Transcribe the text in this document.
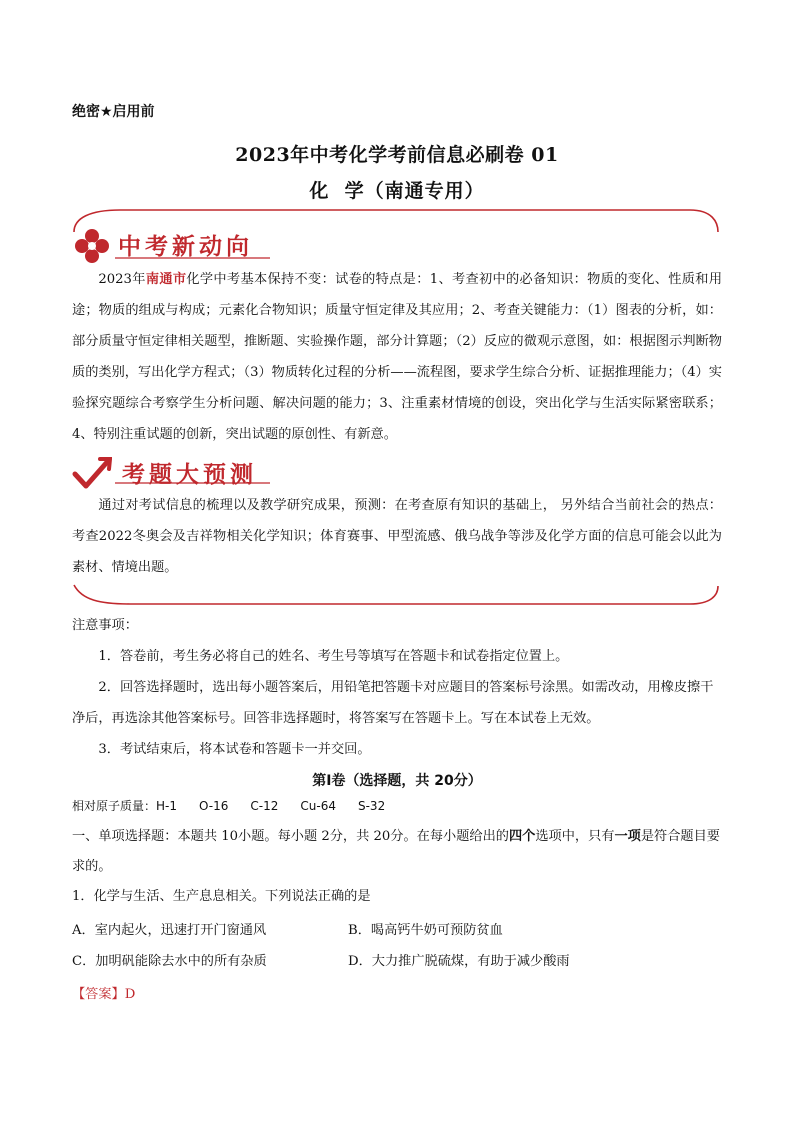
绝密★启用前
2023年中考化学考前信息必刷卷 01
化  学（南通专用）
中考新动向

2023年南通市化学中考基本保持不变：试卷的特点是：1、考查初中的必备知识：物质的变化、性质和用途；物质的组成与构成；元素化合物知识；质量守恒定律及其应用；2、考查关键能力：（1）图表的分析，如：部分质量守恒定律相关题型，推断题、实验操作题，部分计算题；（2）反应的微观示意图，如：根据图示判断物质的类别，写出化学方程式；（3）物质转化过程的分析——流程图，要求学生综合分析、证据推理能力；（4）实验探究题综合考察学生分析问题、解决问题的能力；3、注重素材情境的创设，突出化学与生活实际紧密联系；4、特别注重试题的创新，突出试题的原创性、有新意。

考题大预测

通过对考试信息的梳理以及教学研究成果，预测：在考查原有知识的基础上， 另外结合当前社会的热点：考查2022冬奥会及吉祥物相关化学知识；体育赛事、甲型流感、俄乌战争等涉及化学方面的信息可能会以此为素材、情境出题。

注意事项：
1．答卷前，考生务必将自己的姓名、考生号等填写在答题卡和试卷指定位置上。
2．回答选择题时，选出每小题答案后，用铅笔把答题卡对应题目的答案标号涂黑。如需改动，用橡皮擦干净后，再选涂其他答案标号。回答非选择题时，将答案写在答题卡上。写在本试卷上无效。
3．考试结束后，将本试卷和答题卡一并交回。
第Ⅰ卷（选择题，共 20分）
相对原子质量：H-1 O-16 C-12 Cu-64 S-32
一、单项选择题：本题共 10小题。每小题 2分，共 20分。在每小题给出的四个选项中，只有一项是符合题目要求的。
1．化学与生活、生产息息相关。下列说法正确的是
A．室内起火，迅速打开门窗通风	B．喝高钙牛奶可预防贫血
C．加明矾能除去水中的所有杂质	D．大力推广脱硫煤，有助于减少酸雨
【答案】D
